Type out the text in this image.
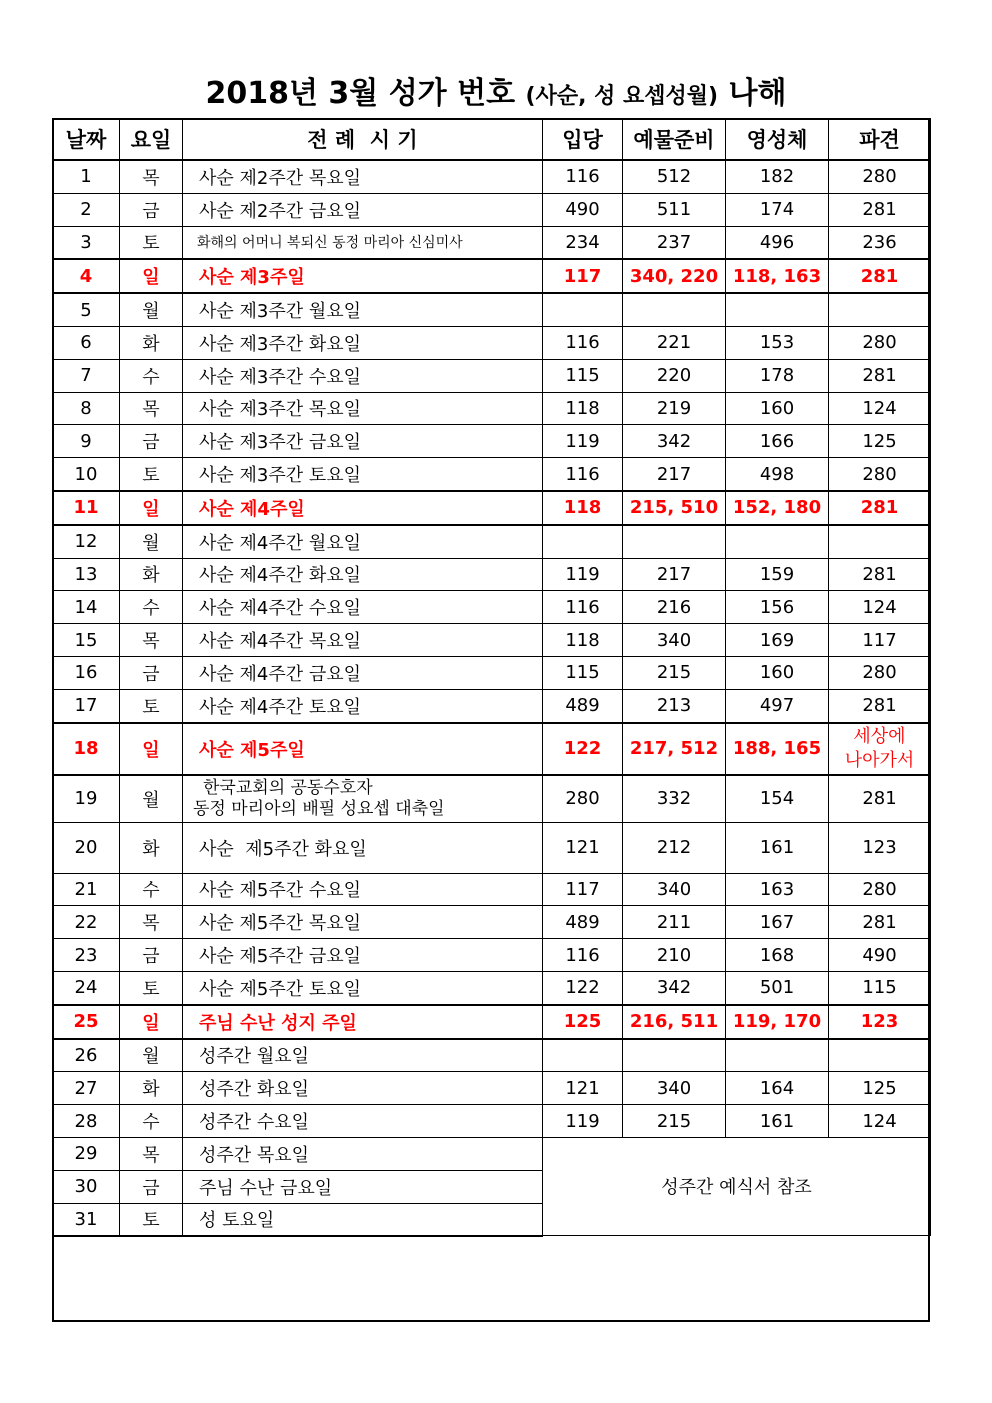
2018년 3월 성가 번호 (사순, 성 요셉성월) 나해
날짜	요일	전 례  시 기	입당	예물준비	영성체	파견
1	목	사순 제2주간 목요일	116	512	182	280
2	금	사순 제2주간 금요일	490	511	174	281
3	토	화해의 어머니 복되신 동정 마리아 신심미사	234	237	496	236
4	일	사순 제3주일	117	340, 220	118, 163	281
5	월	사순 제3주간 월요일				
6	화	사순 제3주간 화요일	116	221	153	280
7	수	사순 제3주간 수요일	115	220	178	281
8	목	사순 제3주간 목요일	118	219	160	124
9	금	사순 제3주간 금요일	119	342	166	125
10	토	사순 제3주간 토요일	116	217	498	280
11	일	사순 제4주일	118	215, 510	152, 180	281
12	월	사순 제4주간 월요일				
13	화	사순 제4주간 화요일	119	217	159	281
14	수	사순 제4주간 수요일	116	216	156	124
15	목	사순 제4주간 목요일	118	340	169	117
16	금	사순 제4주간 금요일	115	215	160	280
17	토	사순 제4주간 토요일	489	213	497	281
18	일	사순 제5주일	122	217, 512	188, 165	세상에
나아가서

19	월	한국교회의 공동수호자
동정 마리아의 배필 성요셉 대축일	280	332	154	281
20	화	사순  제5주간 화요일	121	212	161	123
21	수	사순 제5주간 수요일	117	340	163	280
22	목	사순 제5주간 목요일	489	211	167	281
23	금	사순 제5주간 금요일	116	210	168	490
24	토	사순 제5주간 토요일	122	342	501	115
25	일	주님 수난 성지 주일	125	216, 511	119, 170	123
26	월	성주간 월요일				
27	화	성주간 화요일	121	340	164	125
28	수	성주간 수요일	119	215	161	124
29	목	성주간 목요일	성주간 예식서 참조			
30	금	주님 수난 금요일				
31	토	성 토요일				
